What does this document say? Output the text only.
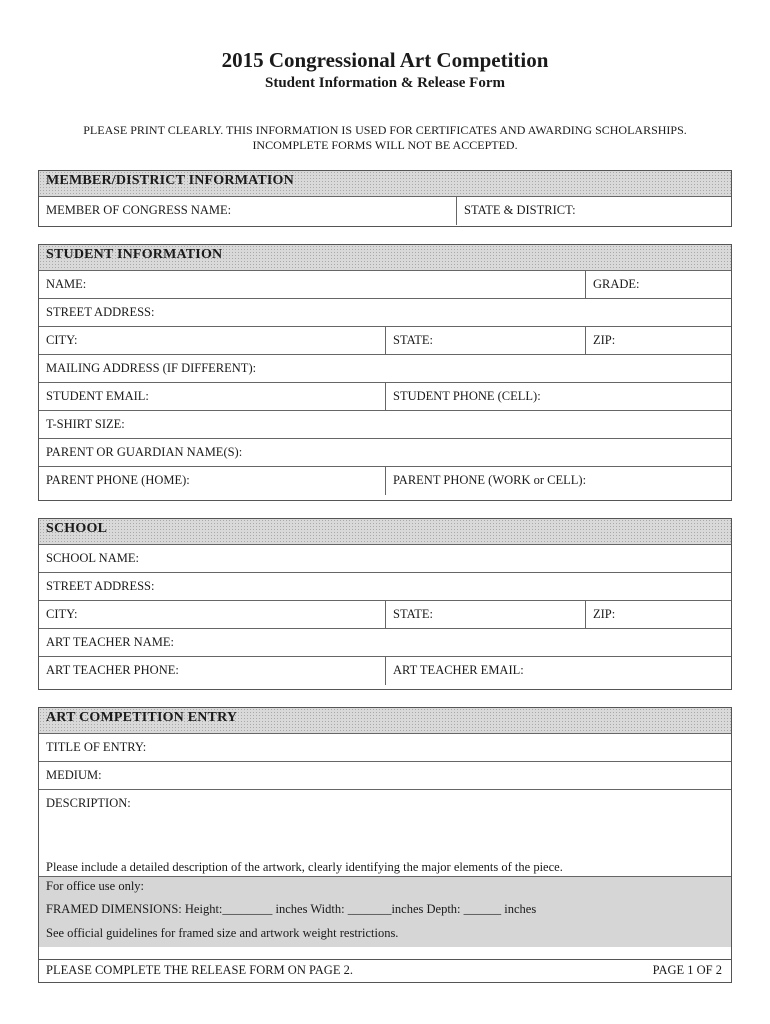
2015 Congressional Art Competition
Student Information & Release Form
PLEASE PRINT CLEARLY. THIS INFORMATION IS USED FOR CERTIFICATES AND AWARDING SCHOLARSHIPS.
INCOMPLETE FORMS WILL NOT BE ACCEPTED.
MEMBER/DISTRICT INFORMATION
MEMBER OF CONGRESS NAME:	STATE & DISTRICT:
STUDENT INFORMATION
NAME:	GRADE:
STREET ADDRESS:
CITY:	STATE:	ZIP:
MAILING ADDRESS (IF DIFFERENT):
STUDENT EMAIL:	STUDENT PHONE (CELL):
T-SHIRT SIZE:
PARENT OR GUARDIAN NAME(S):
PARENT PHONE (HOME):	PARENT PHONE (WORK or CELL):
SCHOOL
SCHOOL NAME:
STREET ADDRESS:
CITY:	STATE:	ZIP:
ART TEACHER NAME:
ART TEACHER PHONE:	ART TEACHER EMAIL:
ART COMPETITION ENTRY
TITLE OF ENTRY:
MEDIUM:
DESCRIPTION:
Please include a detailed description of the artwork, clearly identifying the major elements of the piece.
For office use only:
FRAMED DIMENSIONS: Height:________ inches Width: _______inches Depth: ______ inches
See official guidelines for framed size and artwork weight restrictions.
PLEASE COMPLETE THE RELEASE FORM ON PAGE 2.	PAGE 1 OF 2
